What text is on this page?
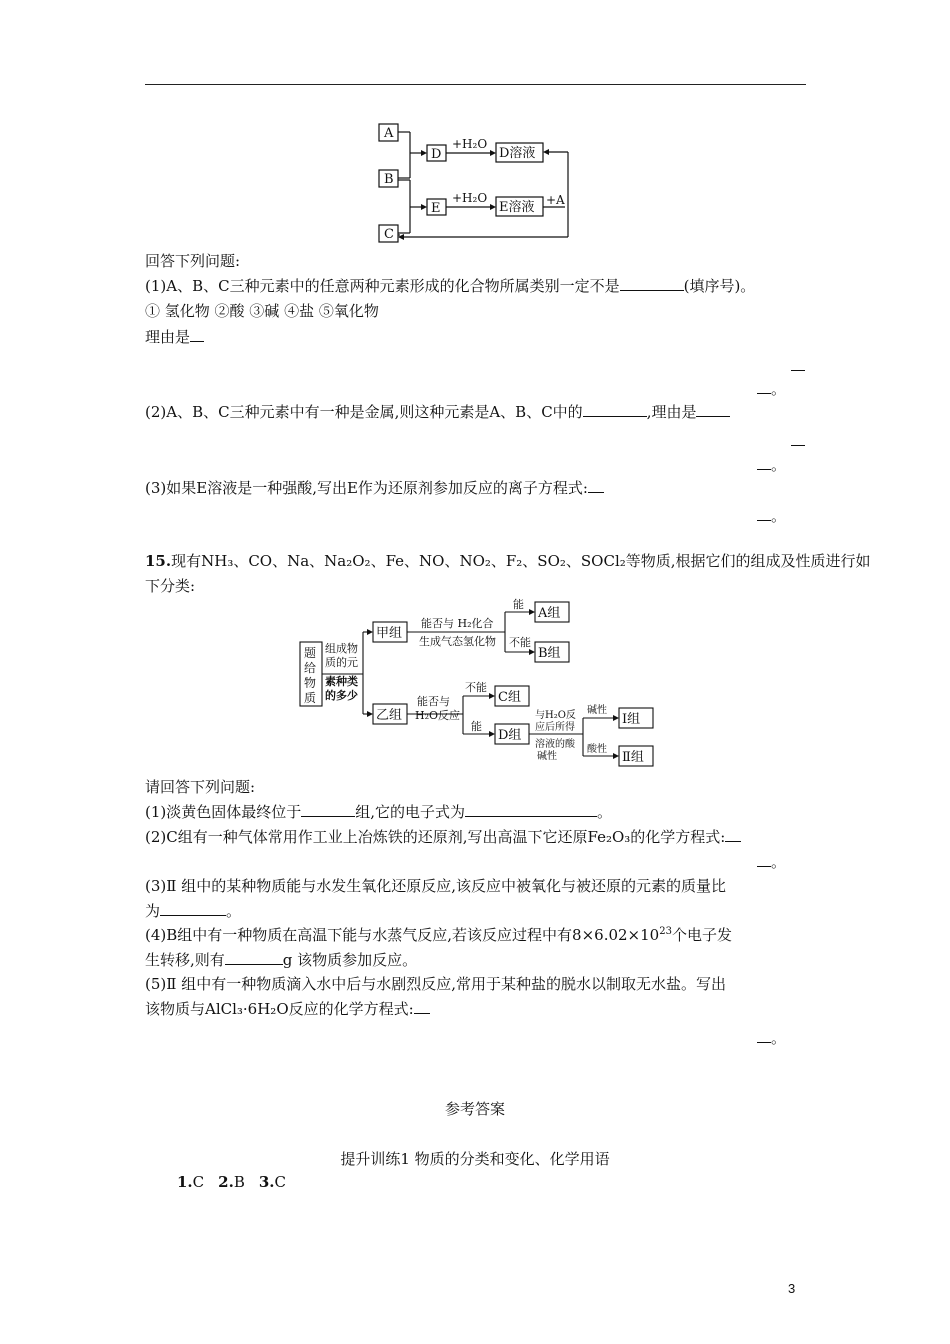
A
B
C
D
E
+H₂O
+H₂O
D溶液
E溶液 +A
回答下列问题:
(1)A、B、C三种元素中的任意两种元素形成的化合物所属类别一定不是	(填序号)。
① 氢化物 ②酸 ③碱 ④盐 ⑤氧化物
理由是
。
(2)A、B、C三种元素中有一种是金属,则这种元素是A、B、C中的	,理由是
。
(3)如果E溶液是一种强酸,写出E作为还原剂参加反应的离子方程式:
。
15.现有NH₃、CO、Na、Na₂O₂、Fe、NO、NO₂、F₂、SO₂、SOCl₂等物质,根据它们的组成及性质进行如
下分类:
题
给
物
质
组成物
质的元
素种类
的多少
甲组
乙组
能否与 H₂化合
生成气态氢化物
能
不能
A组
B组
能否与
H₂O反应
不能
能
C组
D组
与H₂O反
应后所得
溶液的酸
碱性
碱性
酸性
Ⅰ组
Ⅱ组
请回答下列问题:
(1)淡黄色固体最终位于	组,它的电子式为	。
(2)C组有一种气体常用作工业上冶炼铁的还原剂,写出高温下它还原Fe₂O₃的化学方程式:
。
(3)Ⅱ 组中的某种物质能与水发生氧化还原反应,该反应中被氧化与被还原的元素的质量比
为	。
(4)B组中有一种物质在高温下能与水蒸气反应,若该反应过程中有$8\times 6.02\times 10^{23}$个电子发
生转移,则有	g 该物质参加反应。
(5)Ⅱ 组中有一种物质滴入水中后与水剧烈反应,常用于某种盐的脱水以制取无水盐。写出
该物质与AlCl₃·6H₂O反应的化学方程式:
。
参考答案
提升训练1 物质的分类和变化、化学用语
1.C 2.B 3.C
3
